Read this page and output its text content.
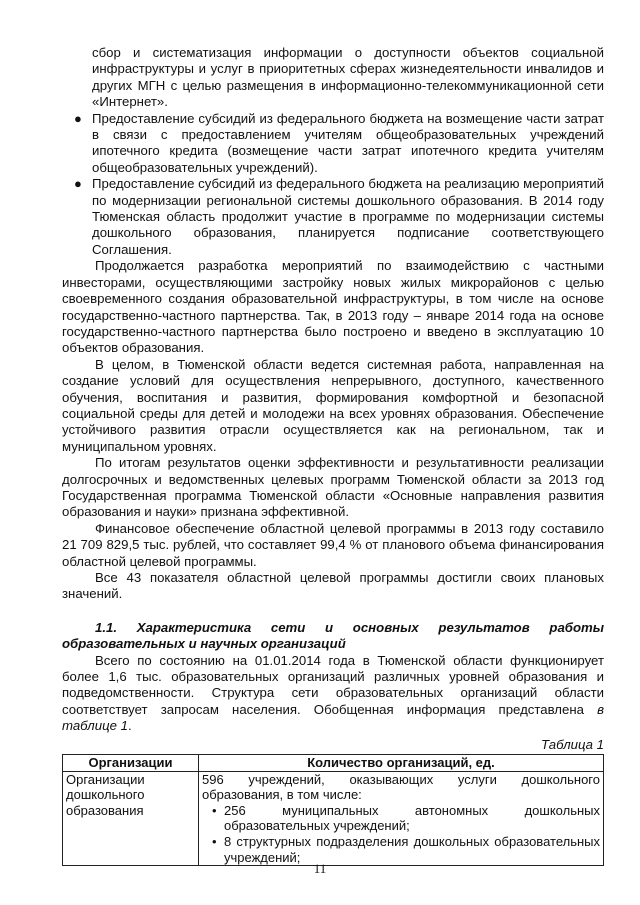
сбор и систематизация информации о доступности объектов социальной инфраструктуры и услуг в приоритетных сферах жизнедеятельности инвалидов и других МГН с целью размещения в информационно-телекоммуникационной сети «Интернет».

● Предоставление субсидий из федерального бюджета на возмещение части затрат в связи с предоставлением учителям общеобразовательных учреждений ипотечного кредита (возмещение части затрат ипотечного кредита учителям общеобразовательных учреждений).

● Предоставление субсидий из федерального бюджета на реализацию мероприятий по модернизации региональной системы дошкольного образования. В 2014 году Тюменская область продолжит участие в программе по модернизации системы дошкольного образования, планируется подписание соответствующего Соглашения.

Продолжается разработка мероприятий по взаимодействию с частными инвесторами, осуществляющими застройку новых жилых микрорайонов с целью своевременного создания образовательной инфраструктуры, в том числе на основе государственно-частного партнерства. Так, в 2013 году – январе 2014 года на основе государственно-частного партнерства было построено и введено в эксплуатацию 10 объектов образования.

В целом, в Тюменской области ведется системная работа, направленная на создание условий для осуществления непрерывного, доступного, качественного обучения, воспитания и развития, формирования комфортной и безопасной социальной среды для детей и молодежи на всех уровнях образования. Обеспечение устойчивого развития отрасли осуществляется как на региональном, так и муниципальном уровнях.

По итогам результатов оценки эффективности и результативности реализации долгосрочных и ведомственных целевых программ Тюменской области за 2013 год Государственная программа Тюменской области «Основные направления развития образования и науки» признана эффективной.

Финансовое обеспечение областной целевой программы в 2013 году составило 21 709 829,5 тыс. рублей, что составляет 99,4 % от планового объема финансирования областной целевой программы.

Все 43 показателя областной целевой программы достигли своих плановых значений.

1.1. Характеристика сети и основных результатов работы образовательных и научных организаций

Всего по состоянию на 01.01.2014 года в Тюменской области функционирует более 1,6 тыс. образовательных организаций различных уровней образования и подведомственности. Структура сети образовательных организаций области соответствует запросам населения. Обобщенная информация представлена в таблице 1.

Таблица 1

Организации	Количество организаций, ед.
Организации дошкольного образования	596 учреждений, оказывающих услуги дошкольного образования, в том числе:
• 256 муниципальных автономных дошкольных образовательных учреждений;
• 8 структурных подразделения дошкольных образовательных учреждений;
11
